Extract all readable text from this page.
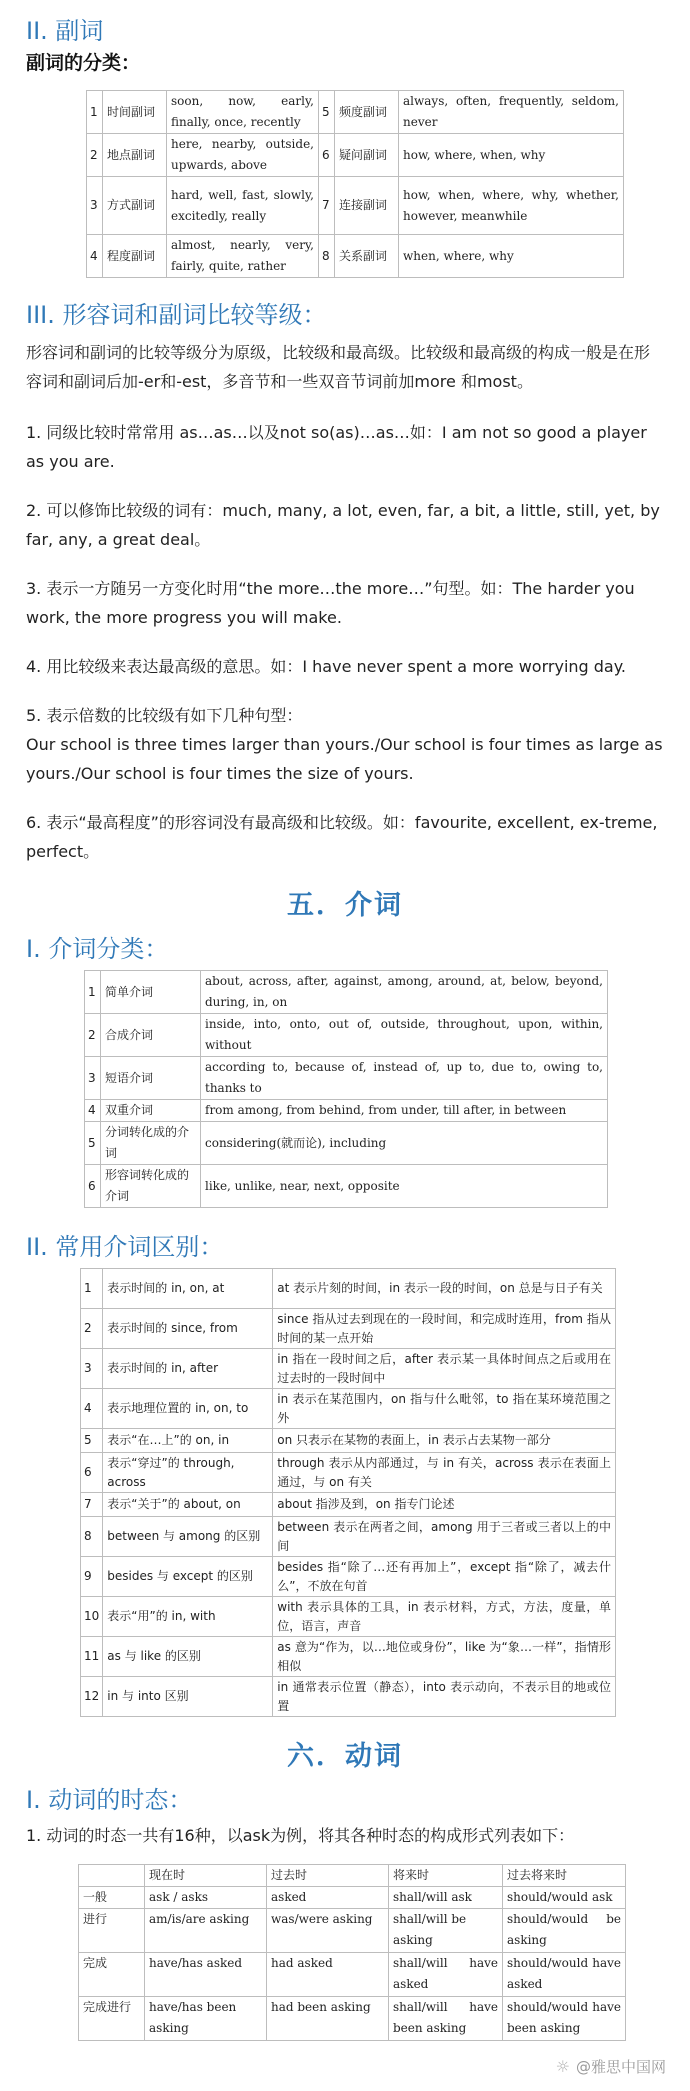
II. 副词
副词的分类：
1	时间副词	soon, now, early, finally, once, recently	5	频度副词	always, often, frequently, seldom, never
2	地点副词	here, nearby, outside, upwards, above	6	疑问副词	how, where, when, why
3	方式副词	hard, well, fast, slowly, excitedly, really	7	连接副词	how, when, where, why, whether, however, meanwhile
4	程度副词	almost, nearly, very, fairly, quite, rather	8	关系副词	when, where, why
III. 形容词和副词比较等级：

形容词和副词的比较等级分为原级，比较级和最高级。比较级和最高级的构成一般是在形容词和副词后加-er和-est，多音节和一些双音节词前加more 和most。

1. 同级比较时常常用 as…as…以及not so(as)…as…如：I am not so good a player as you are.

2. 可以修饰比较级的词有：much, many, a lot, even, far, a bit, a little, still, yet, by far, any, a great deal。

3. 表示一方随另一方变化时用“the more…the more…”句型。如：The harder you work, the more progress you will make.

4. 用比较级来表达最高级的意思。如：I have never spent a more worrying day.

5. 表示倍数的比较级有如下几种句型：

Our school is three times larger than yours./Our school is four times as large as yours./Our school is four times the size of yours.

6. 表示“最高程度”的形容词没有最高级和比较级。如：favourite, excellent, ex-treme, perfect。

五．介词
I. 介词分类：
1	简单介词	about, across, after, against, among, around, at, below, beyond, during, in, on
2	合成介词	inside, into, onto, out of, outside, throughout, upon, within, without
3	短语介词	according to, because of, instead of, up to, due to, owing to, thanks to
4	双重介词	from among, from behind, from under, till after, in between
5	分词转化成的介词	considering(就而论), including
6	形容词转化成的介词	like, unlike, near, next, opposite
II. 常用介词区别：
1	表示时间的 in, on, at	at 表示片刻的时间，in 表示一段的时间，on 总是与日子有关
2	表示时间的 since, from	since 指从过去到现在的一段时间，和完成时连用，from 指从时间的某一点开始
3	表示时间的 in, after	in 指在一段时间之后，after 表示某一具体时间点之后或用在过去时的一段时间中
4	表示地理位置的 in, on, to	in 表示在某范围内，on 指与什么毗邻，to 指在某环境范围之外
5	表示“在…上”的 on, in	on 只表示在某物的表面上，in 表示占去某物一部分
6	表示“穿过”的 through, across	through 表示从内部通过，与 in 有关，across 表示在表面上通过，与 on 有关
7	表示“关于”的 about, on	about 指涉及到，on 指专门论述
8	between 与 among 的区别	between 表示在两者之间，among 用于三者或三者以上的中间
9	besides 与 except 的区别	besides 指“除了…还有再加上”，except 指“除了，减去什么”，不放在句首
10	表示“用”的 in, with	with 表示具体的工具，in 表示材料，方式，方法，度量，单位，语言，声音
11	as 与 like 的区别	as 意为“作为，以…地位或身份”，like 为“象…一样”，指情形相似
12	in 与 into 区别	in 通常表示位置（静态），into 表示动向，不表示目的地或位置
六．动词
I. 动词的时态：
1. 动词的时态一共有16种，以ask为例，将其各种时态的构成形式列表如下：
	现在时	过去时	将来时	过去将来时
一般	ask / asks	asked	shall/will ask	should/would ask
进行	am/is/are asking	was/were asking	shall/will be asking	should/would be asking
完成	have/has asked	had asked	shall/will have asked	should/would have asked
完成进行	have/has been asking	had been asking	shall/will have been asking	should/would have been asking
☼ @雅思中国网
